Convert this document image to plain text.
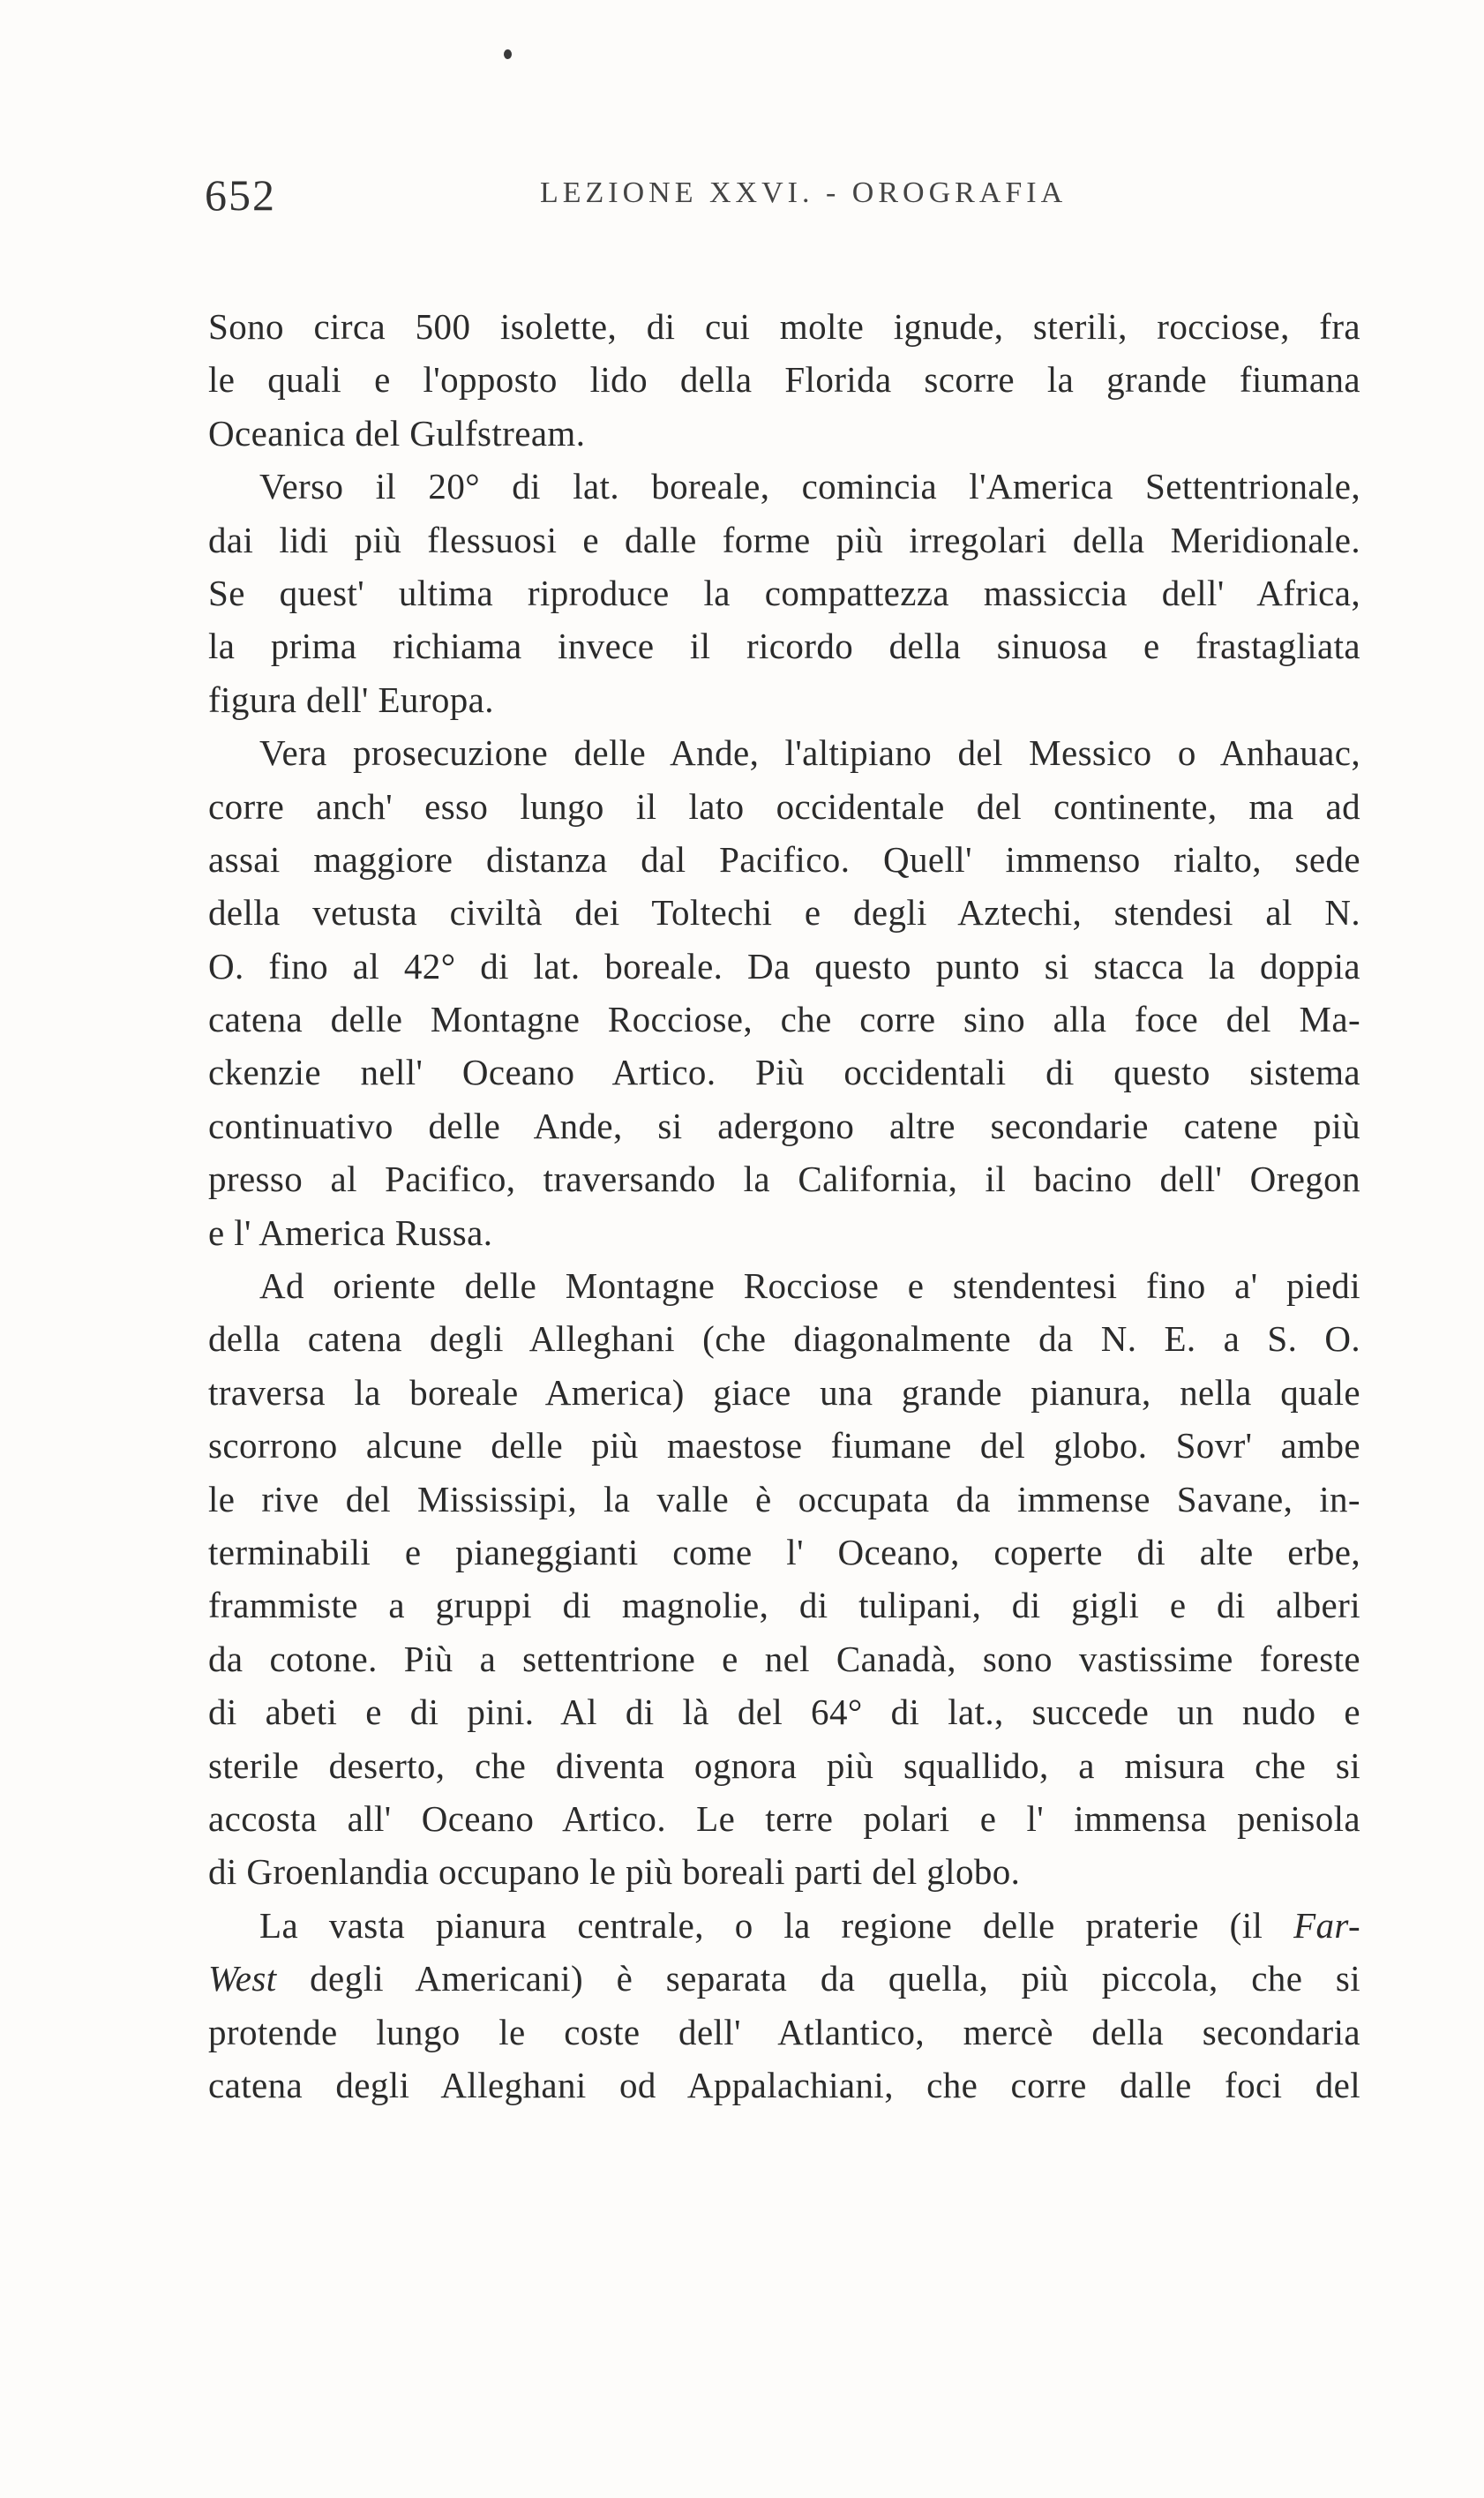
652	LEZIONE XXVI. - OROGRAFIA
Sono circa 500 isolette, di cui molte ignude, sterili, rocciose, fra
le quali e l'opposto lido della Florida scorre la grande fiumana
Oceanica del Gulfstream.
Verso il 20° di lat. boreale, comincia l'America Settentrionale,
dai lidi più flessuosi e dalle forme più irregolari della Meridionale.
Se quest' ultima riproduce la compattezza massiccia dell' Africa,
la prima richiama invece il ricordo della sinuosa e frastagliata
figura dell' Europa.
Vera prosecuzione delle Ande, l'altipiano del Messico o Anhauac,
corre anch' esso lungo il lato occidentale del continente, ma ad
assai maggiore distanza dal Pacifico. Quell' immenso rialto, sede
della vetusta civiltà dei Toltechi e degli Aztechi, stendesi al N.
O. fino al 42° di lat. boreale. Da questo punto si stacca la doppia
catena delle Montagne Rocciose, che corre sino alla foce del Ma-
ckenzie nell' Oceano Artico. Più occidentali di questo sistema
continuativo delle Ande, si adergono altre secondarie catene più
presso al Pacifico, traversando la California, il bacino dell' Oregon
e l' America Russa.
Ad oriente delle Montagne Rocciose e stendentesi fino a' piedi
della catena degli Alleghani (che diagonalmente da N. E. a S. O.
traversa la boreale America) giace una grande pianura, nella quale
scorrono alcune delle più maestose fiumane del globo. Sovr' ambe
le rive del Mississipi, la valle è occupata da immense Savane, in-
terminabili e pianeggianti come l' Oceano, coperte di alte erbe,
frammiste a gruppi di magnolie, di tulipani, di gigli e di alberi
da cotone. Più a settentrione e nel Canadà, sono vastissime foreste
di abeti e di pini. Al di là del 64° di lat., succede un nudo e
sterile deserto, che diventa ognora più squallido, a misura che si
accosta all' Oceano Artico. Le terre polari e l' immensa penisola
di Groenlandia occupano le più boreali parti del globo.
La vasta pianura centrale, o la regione delle praterie (il Far-
West degli Americani) è separata da quella, più piccola, che si
protende lungo le coste dell' Atlantico, mercè della secondaria
catena degli Alleghani od Appalachiani, che corre dalle foci del
